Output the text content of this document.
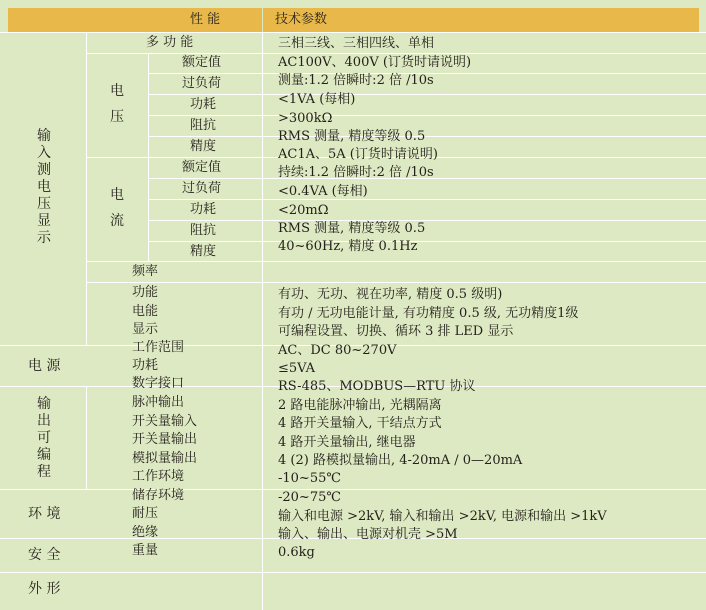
性 能	技术参数
输入测电压显示
电压
电流
电 源
输出可编程
环 境
安 全
外 形
多 功 能
额定值
过负荷
功耗
阻抗
精度
额定值
过负荷
功耗
阻抗
精度
频率
功能
电能
显示
工作范围
功耗
数字接口
脉冲输出
开关量输入
开关量输出
模拟量输出
工作环境
储存环境
耐压
绝缘
重量
三相三线、三相四线、单相
AC100V、400V (订货时请说明)
测量:1.2 倍瞬时:2 倍 /10s
<1VA (每相)
>300kΩ
RMS 测量, 精度等级 0.5
AC1A、5A (订货时请说明)
持续:1.2 倍瞬时:2 倍 /10s
<0.4VA (每相)
<20mΩ
RMS 测量, 精度等级 0.5
40~60Hz, 精度 0.1Hz
有功、无功、视在功率, 精度 0.5 级明)
有功 / 无功电能计量, 有功精度 0.5 级, 无功精度1级
可编程设置、切换、循环 3 排 LED 显示
AC、DC 80~270V
≤5VA
RS-485、MODBUS—RTU 协议
2 路电能脉冲输出, 光耦隔离
4 路开关量输入, 干结点方式
4 路开关量输出, 继电器
4 (2) 路模拟量输出, 4-20mA / 0—20mA
-10~55℃
-20~75℃
输入和电源 >2kV, 输入和输出 >2kV, 电源和输出 >1kV
输入、输出、电源对机壳 >5M
0.6kg
